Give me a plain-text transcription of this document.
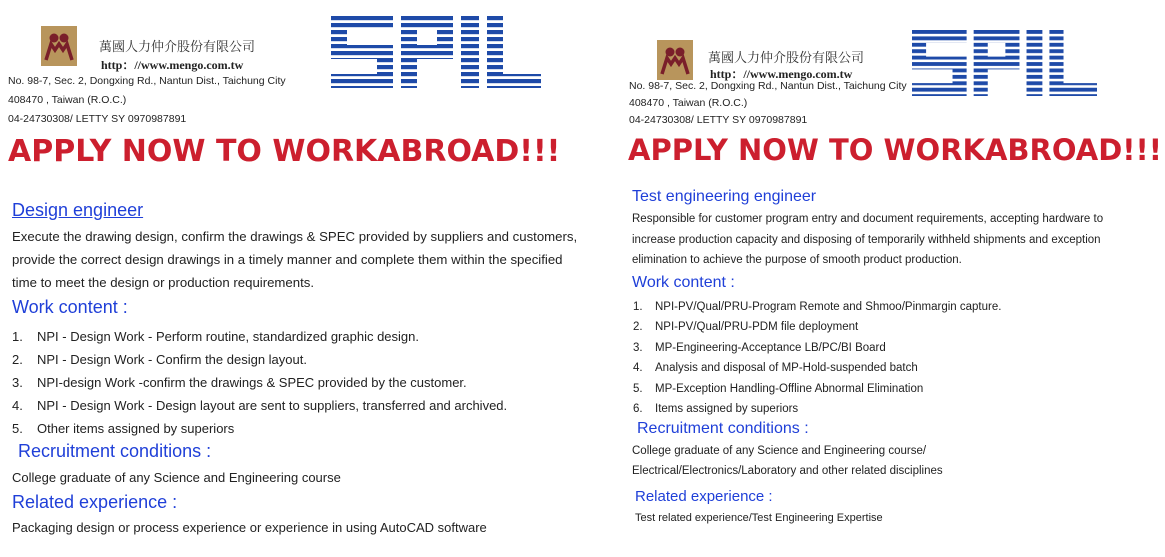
萬國人力仲介股份有限公司
http：//www.mengo.com.tw
No. 98-7, Sec. 2, Dongxing Rd., Nantun Dist., Taichung City
408470 , Taiwan (R.O.C.)
04-24730308/ LETTY SY 0970987891
APPLY NOW TO WORKABROAD!!!
Design engineer
Execute the drawing design, confirm the drawings & SPEC provided by suppliers and customers,
provide the correct design drawings in a timely manner and complete them within the specified
time to meet the design or production requirements.
Work content :
1. NPI - Design Work - Perform routine, standardized graphic design.
2. NPI - Design Work - Confirm the design layout.
3. NPI-design Work -confirm the drawings & SPEC provided by the customer.
4. NPI - Design Work - Design layout are sent to suppliers, transferred and archived.
5. Other items assigned by superiors
Recruitment conditions :
College graduate of any Science and Engineering course
Related experience :
Packaging design or process experience or experience in using AutoCAD software
萬國人力仲介股份有限公司
http：//www.mengo.com.tw
No. 98-7, Sec. 2, Dongxing Rd., Nantun Dist., Taichung City
408470 , Taiwan (R.O.C.)
04-24730308/ LETTY SY 0970987891
APPLY NOW TO WORKABROAD!!!
Test engineering engineer
Responsible for customer program entry and document requirements, accepting hardware to
increase production capacity and disposing of temporarily withheld shipments and exception
elimination to achieve the purpose of smooth product production.
Work content :
1. NPI-PV/Qual/PRU-Program Remote and Shmoo/Pinmargin capture.
2. NPI-PV/Qual/PRU-PDM file deployment
3. MP-Engineering-Acceptance LB/PC/BI Board
4. Analysis and disposal of MP-Hold-suspended batch
5. MP-Exception Handling-Offline Abnormal Elimination
6. Items assigned by superiors
Recruitment conditions :
College graduate of any Science and Engineering course/
Electrical/Electronics/Laboratory and other related disciplines
Related experience :
Test related experience/Test Engineering Expertise
